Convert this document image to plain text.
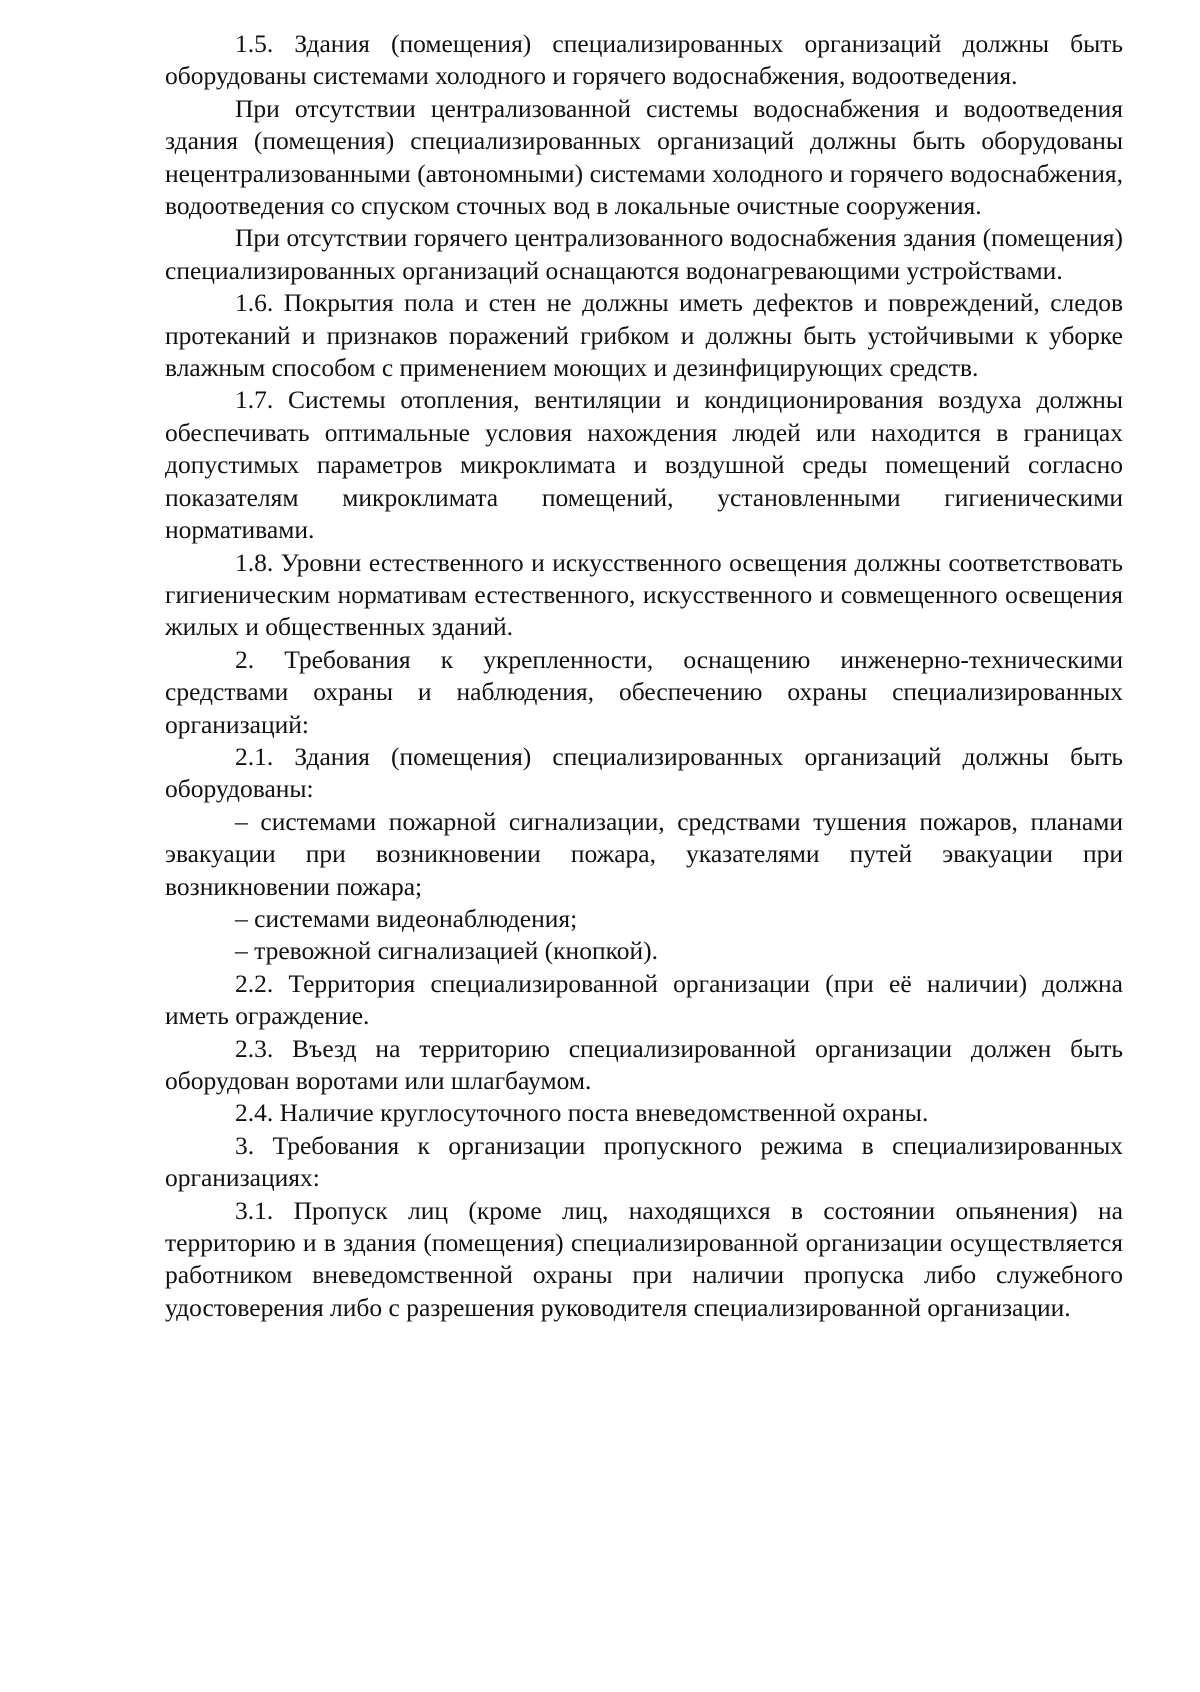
1.5. Здания (помещения) специализированных организаций должны быть оборудованы системами холодного и горячего водоснабжения, водоотведения.

При отсутствии централизованной системы водоснабжения и водоотведения здания (помещения) специализированных организаций должны быть оборудованы нецентрализованными (автономными) системами холодного и горячего водоснабжения, водоотведения со спуском сточных вод в локальные очистные сооружения.

При отсутствии горячего централизованного водоснабжения здания (помещения) специализированных организаций оснащаются водонагревающими устройствами.

1.6. Покрытия пола и стен не должны иметь дефектов и повреждений, следов протеканий и признаков поражений грибком и должны быть устойчивыми к уборке влажным способом с применением моющих и дезинфицирующих средств.

1.7. Системы отопления, вентиляции и кондиционирования воздуха должны обеспечивать оптимальные условия нахождения людей или находится в границах допустимых параметров микроклимата и воздушной среды помещений согласно показателям микроклимата помещений, установленными гигиеническими нормативами.

1.8. Уровни естественного и искусственного освещения должны соответствовать гигиеническим нормативам естественного, искусственного и совмещенного освещения жилых и общественных зданий.

2. Требования к укрепленности, оснащению инженерно-техническими средствами охраны и наблюдения, обеспечению охраны специализированных организаций:

2.1. Здания (помещения) специализированных организаций должны быть оборудованы:

– системами пожарной сигнализации, средствами тушения пожаров, планами эвакуации при возникновении пожара, указателями путей эвакуации при возникновении пожара;

– системами видеонаблюдения;

– тревожной сигнализацией (кнопкой).

2.2. Территория специализированной организации (при её наличии) должна иметь ограждение.

2.3. Въезд на территорию специализированной организации должен быть оборудован воротами или шлагбаумом.

2.4. Наличие круглосуточного поста вневедомственной охраны.

3. Требования к организации пропускного режима в специализированных организациях:

3.1. Пропуск лиц (кроме лиц, находящихся в состоянии опьянения) на территорию и в здания (помещения) специализированной организации осуществляется работником вневедомственной охраны при наличии пропуска либо служебного удостоверения либо с разрешения руководителя специализированной организации.
